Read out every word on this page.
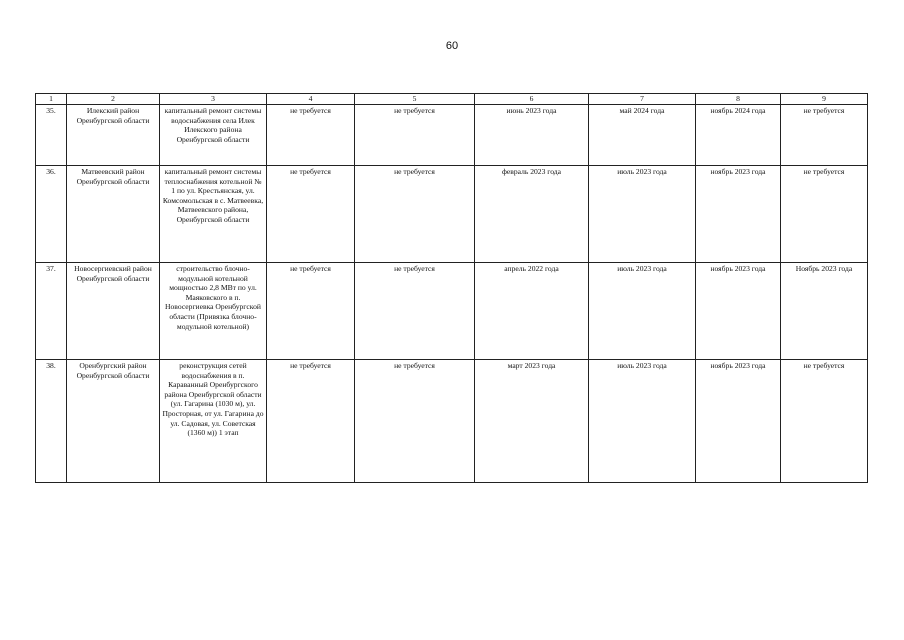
60
1	2	3	4	5	6	7	8	9
35.	Илекский район Оренбургской области	капитальный ремонт системы водоснабжения села Илек Илекского района Оренбургской области	не требуется	не требуется	июнь 2023 года	май 2024 года	ноябрь 2024 года	не требуется
36.	Матвеевский район Оренбургской области	капитальный ремонт системы теплоснабжения котельной № 1 по ул. Крестьянская, ул. Комсомольская в с. Матвеевка, Матвеевского района, Оренбургской области	не требуется	не требуется	февраль 2023 года	июль 2023 года	ноябрь 2023 года	не требуется
37.	Новосергиевский район Оренбургской области	строительство блочно-модульной котельной мощностью 2,8 МВт по ул. Маяковского в п. Новосергиевка Оренбургской области (Привязка блочно-модульной котельной)	не требуется	не требуется	апрель 2022 года	июль 2023 года	ноябрь 2023 года	Ноябрь 2023 года
38.	Оренбургский район Оренбургской области	реконструкция сетей водоснабжения в п. Караванный Оренбургского района Оренбургской области (ул. Гагарина (1030 м), ул. Просторная, от ул. Гагарина до ул. Садовая, ул. Советская (1360 м)) 1 этап	не требуется	не требуется	март 2023 года	июль 2023 года	ноябрь 2023 года	не требуется
